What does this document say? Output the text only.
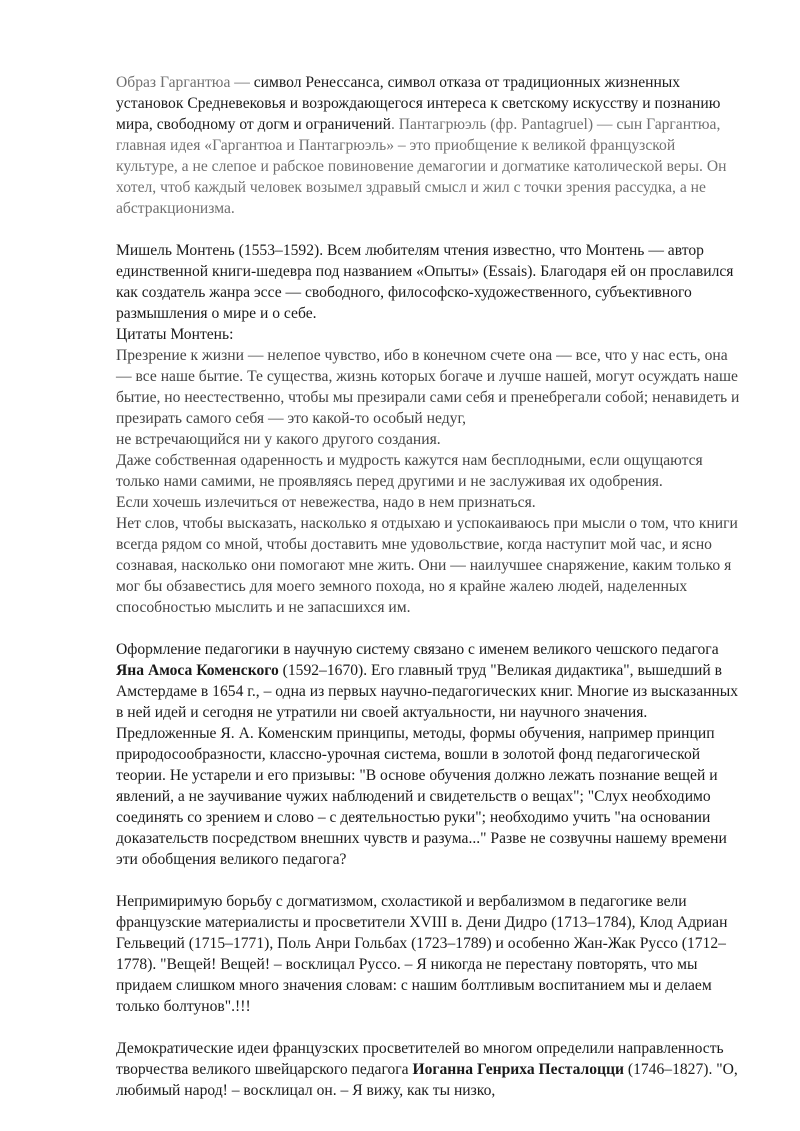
Образ Гаргантюа — символ Ренессанса, символ отказа от традиционных жизненных установок Средневековья и возрождающегося интереса к светскому искусству и познанию мира, свободному от догм и ограничений. Пантагрюэль (фр. Pantagruel) — сын Гаргантюа, главная идея «Гаргантюа и Пантагрюэль» – это приобщение к великой французской культуре, а не слепое и рабское повиновение демагогии и догматике католической веры. Он хотел, чтоб каждый человек возымел здравый смысл и жил с точки зрения рассудка, а не абстракционизма.

Мишель Монтень (1553–1592). Всем любителям чтения известно, что Монтень — автор единственной книги-шедевра под названием «Опыты» (Essais). Благодаря ей он прославился как создатель жанра эссе — свободного, философско-художественного, субъективного размышления о мире и о себе.

Цитаты Монтень:

Презрение к жизни — нелепое чувство, ибо в конечном счете она — все, что у нас есть, она — все наше бытие. Те существа, жизнь которых богаче и лучше нашей, могут осуждать наше бытие, но неестественно, чтобы мы презирали сами себя и пренебрегали собой; ненавидеть и презирать самого себя — это какой-то особый недуг,

не встречающийся ни у какого другого создания.

Даже собственная одаренность и мудрость кажутся нам бесплодными, если ощущаются только нами самими, не проявляясь перед другими и не заслуживая их одобрения.

Если хочешь излечиться от невежества, надо в нем признаться.

Нет слов, чтобы высказать, насколько я отдыхаю и успокаиваюсь при мысли о том, что книги всегда рядом со мной, чтобы доставить мне удовольствие, когда наступит мой час, и ясно сознавая, насколько они помогают мне жить. Они — наилучшее снаряжение, каким только я мог бы обзавестись для моего земного похода, но я крайне жалею людей, наделенных способностью мыслить и не запасшихся им.

Оформление педагогики в научную систему связано с именем великого чешского педагога Яна Амоса Коменского (1592–1670). Его главный труд "Великая дидактика", вышедший в Амстердаме в 1654 г., – одна из первых научно-педагогических книг. Многие из высказанных в ней идей и сегодня не утратили ни своей актуальности, ни научного значения. Предложенные Я. А. Коменским принципы, методы, формы обучения, например принцип природосообразности, классно-урочная система, вошли в золотой фонд педагогической теории. Не устарели и его призывы: "В основе обучения должно лежать познание вещей и явлений, а не заучивание чужих наблюдений и свидетельств о вещах"; "Слух необходимо соединять со зрением и слово – с деятельностью руки"; необходимо учить "на основании доказательств посредством внешних чувств и разума..." Разве не созвучны нашему времени эти обобщения великого педагога?

Непримиримую борьбу с догматизмом, схоластикой и вербализмом в педагогике вели французские материалисты и просветители XVIII в. Дени Дидро (1713–1784), Клод Адриан Гельвеций (1715–1771), Поль Анри Гольбах (1723–1789) и особенно Жан-Жак Руссо (1712–1778). "Вещей! Вещей! – восклицал Руссо. – Я никогда не перестану повторять, что мы придаем слишком много значения словам: с нашим болтливым воспитанием мы и делаем только болтунов".!!!

Демократические идеи французских просветителей во многом определили направленность творчества великого швейцарского педагога Иоганна Генриха Песталоцци (1746–1827). "О, любимый народ! – восклицал он. – Я вижу, как ты низко,
